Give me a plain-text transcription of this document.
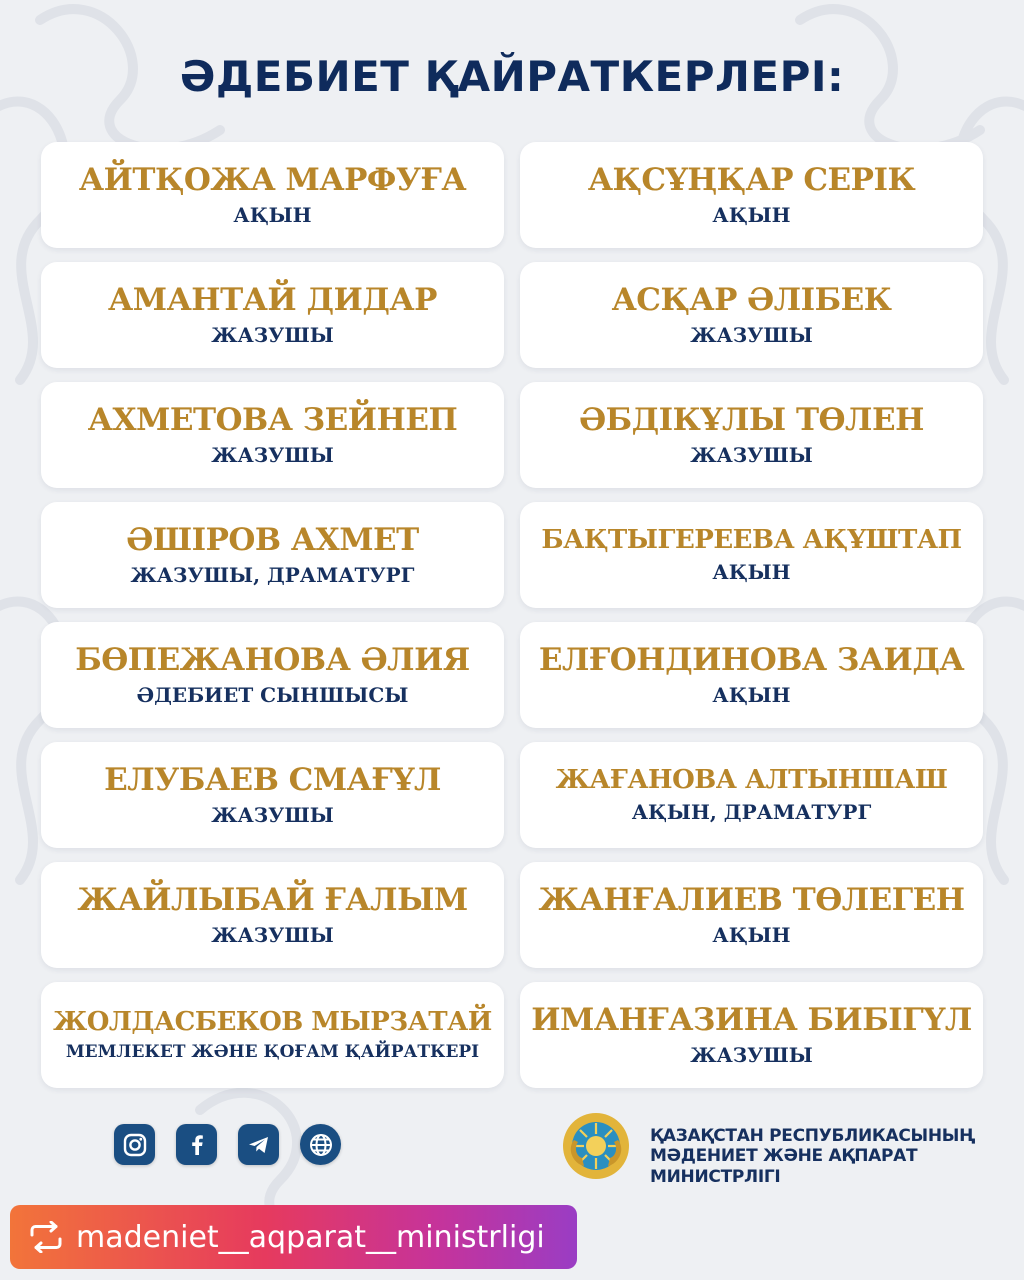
ӘДЕБИЕТ ҚАЙРАТКЕРЛЕРІ:
АЙТҚОЖА МАРФУҒА
АҚЫН
АҚСҰҢҚАР СЕРІК
АҚЫН
АМАНТАЙ ДИДАР
ЖАЗУШЫ
АСҚАР ӘЛІБЕК
ЖАЗУШЫ
АХМЕТОВА ЗЕЙНЕП
ЖАЗУШЫ
ӘБДІКҰЛЫ ТӨЛЕН
ЖАЗУШЫ
ӘШІРОВ АХМЕТ
ЖАЗУШЫ, ДРАМАТУРГ
БАҚТЫГЕРЕЕВА АҚҰШТАП
АҚЫН
БӨПЕЖАНОВА ӘЛИЯ
ӘДЕБИЕТ СЫНШЫСЫ
ЕЛҒОНДИНОВА ЗАИДА
АҚЫН
ЕЛУБАЕВ СМАҒҰЛ
ЖАЗУШЫ
ЖАҒАНОВА АЛТЫНШАШ
АҚЫН, ДРАМАТУРГ
ЖАЙЛЫБАЙ ҒАЛЫМ
ЖАЗУШЫ
ЖАНҒАЛИЕВ ТӨЛЕГЕН
АҚЫН
ЖОЛДАСБЕКОВ МЫРЗАТАЙ
МЕМЛЕКЕТ ЖӘНЕ ҚОҒАМ ҚАЙРАТКЕРІ
ИМАНҒАЗИНА БИБІГҮЛ
ЖАЗУШЫ
ҚАЗАҚСТАН РЕСПУБЛИКАСЫНЫҢ
МӘДЕНИЕТ ЖӘНЕ АҚПАРАТ МИНИСТРЛІГІ
madeniet__aqparat__ministrligi
